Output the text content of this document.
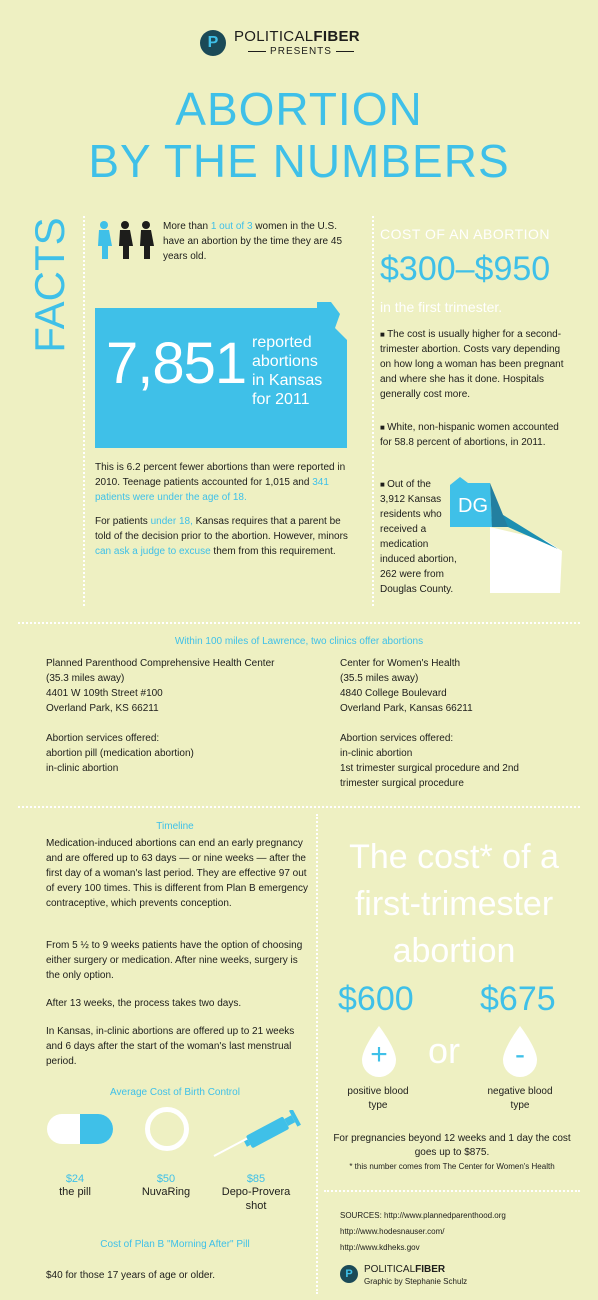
P	POLITICALFIBER
PRESENTS
ABORTION
BY THE NUMBERS
FACTS	More than 1 out of 3 women in the U.S. have an abortion by the time they are 45 years old.
7,851 reported
abortions
in Kansas
for 2011
This is 6.2 percent fewer abortions than were reported in 2010. Teenage patients accounted for 1,015 and 341 patients were under the age of 18.
For patients under 18, Kansas requires that a parent be told of the decision prior to the abortion. However, minors can ask a judge to excuse them from this requirement.
COST OF AN ABORTION
$300–$950
in the first trimester.
■ The cost is usually higher for a second-trimester abortion. Costs vary depending on how long a woman has been pregnant and where she has it done. Hospitals generally cost more.
■ White, non-hispanic women accounted for 58.8 percent of abortions, in 2011.
■ Out of the 3,912 Kansas residents who received a medication induced abortion, 262 were from Douglas County.
DG
Within 100 miles of Lawrence, two clinics offer abortions
Planned Parenthood Comprehensive Health Center
(35.3 miles away)
4401 W 109th Street #100
Overland Park, KS 66211
Abortion services offered:
abortion pill (medication abortion)
in-clinic abortion
Center for Women's Health
(35.5 miles away)
4840 College Boulevard
Overland Park, Kansas 66211
Abortion services offered:
in-clinic abortion
1st trimester surgical procedure and 2nd trimester surgical procedure
Timeline
Medication-induced abortions can end an early pregnancy and are offered up to 63 days — or nine weeks — after the first day of a woman's last period. They are effective 97 out of every 100 times. This is different from Plan B emergency contraceptive, which prevents conception.
From 5 ½ to 9 weeks patients have the option of choosing either surgery or medication. After nine weeks, surgery is the only option.
After 13 weeks, the process takes two days.
In Kansas, in-clinic abortions are offered up to 21 weeks and 6 days after the start of the woman's last menstrual period.
Average Cost of Birth Control
$24
the pill
$50
NuvaRing
$85
Depo-Provera shot
Cost of Plan B "Morning After" Pill
$40 for those 17 years of age or older.
The cost* of a first-trimester abortion
$600
or
$675
+	-
positive blood type
negative blood type
For pregnancies beyond 12 weeks and 1 day the cost goes up to $875.
* this number comes from The Center for Women's Health
SOURCES: http://www.plannedparenthood.org
http://www.hodesnauser.com/
http://www.kdheks.gov
P	POLITICALFIBER
Graphic by Stephanie Schulz
